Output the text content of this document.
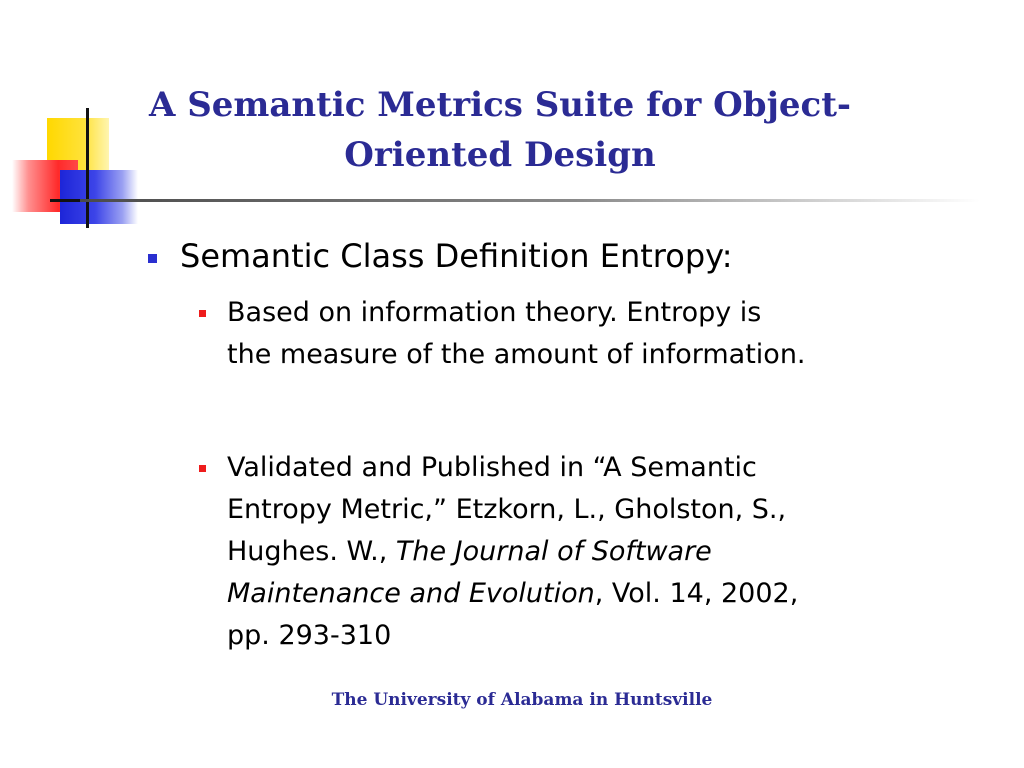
A Semantic Metrics Suite for Object-
Oriented Design
Semantic Class Definition Entropy:
Based on information theory. Entropy is
the measure of the amount of information.
Validated and Published in “A Semantic
Entropy Metric,” Etzkorn, L., Gholston, S.,
Hughes. W., The Journal of Software
Maintenance and Evolution, Vol. 14, 2002,
pp. 293-310
The University of Alabama in Huntsville
